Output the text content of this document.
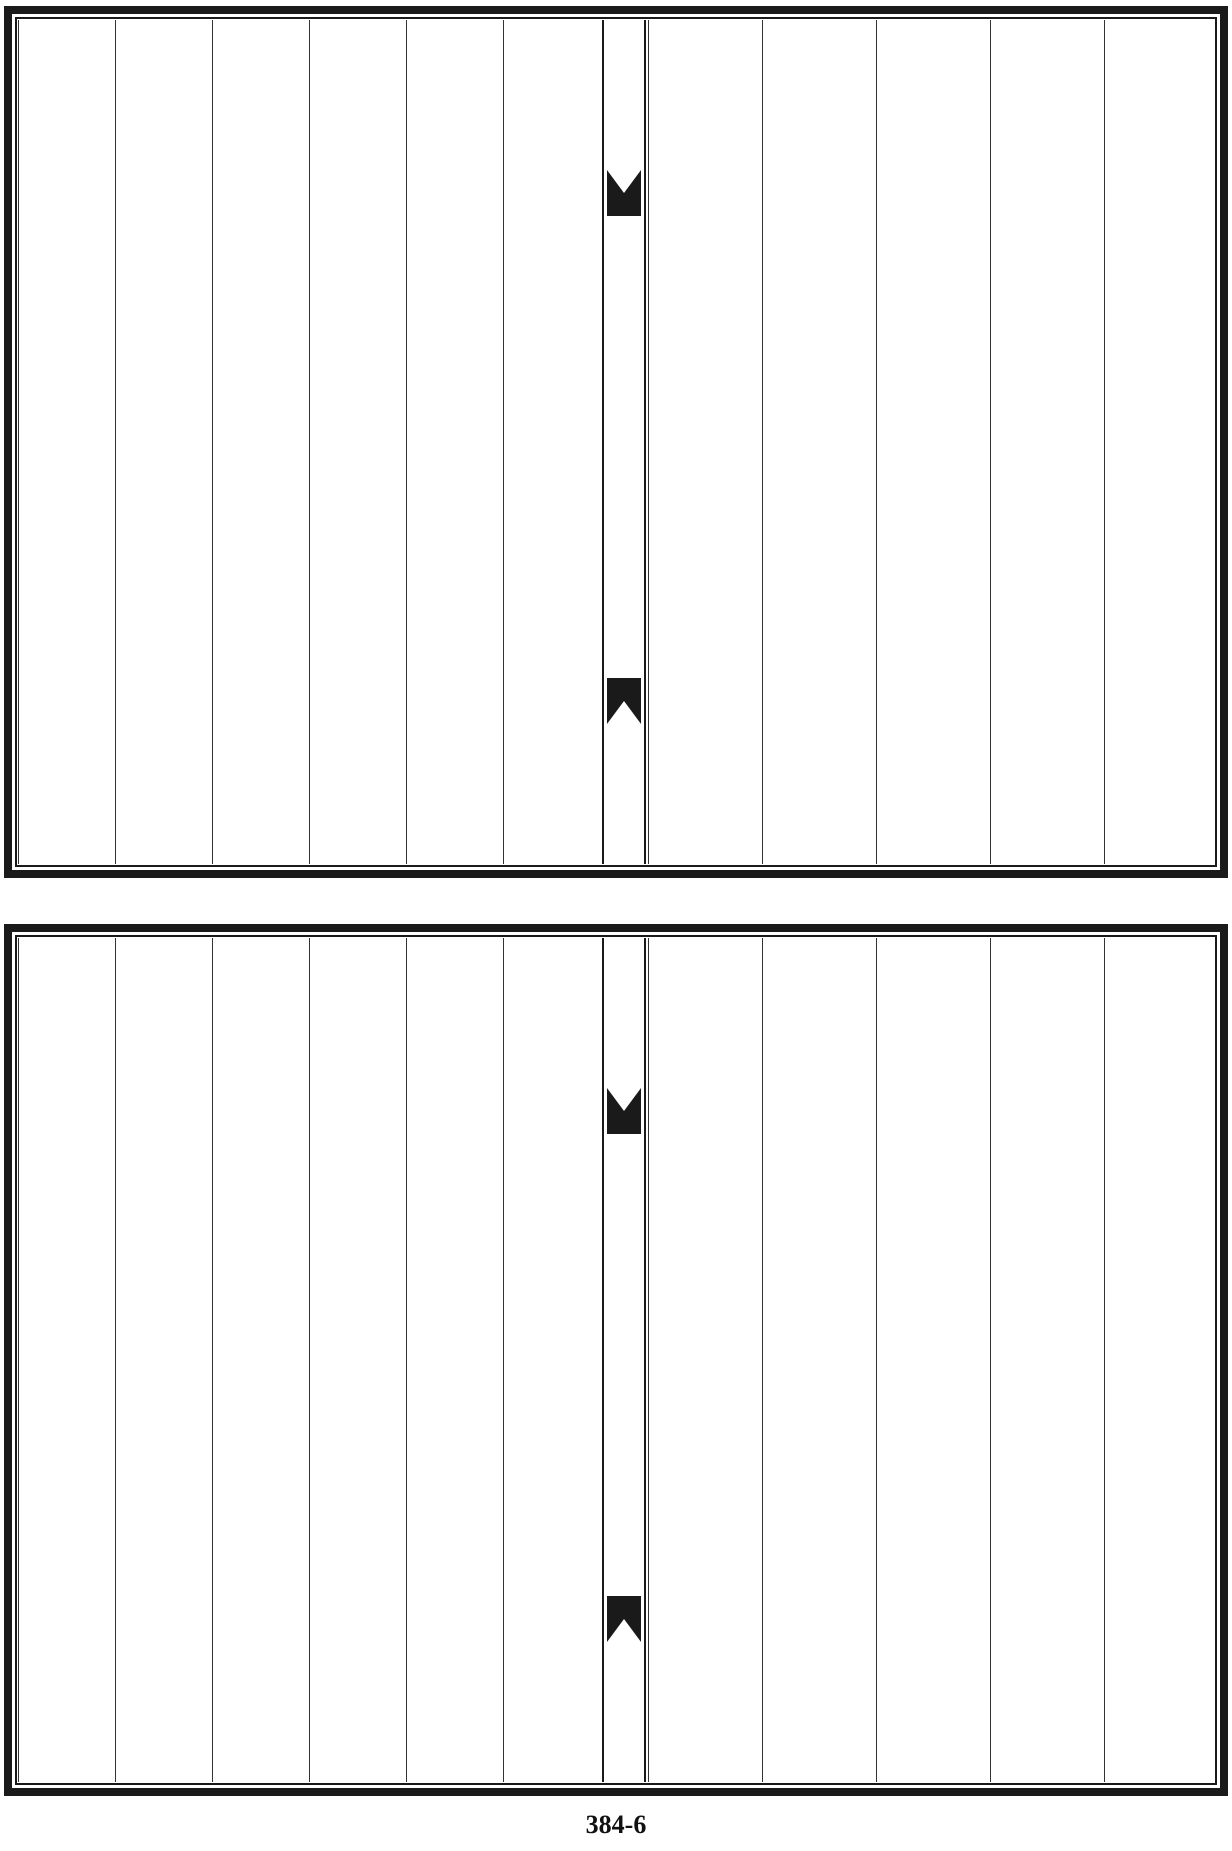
384-6
